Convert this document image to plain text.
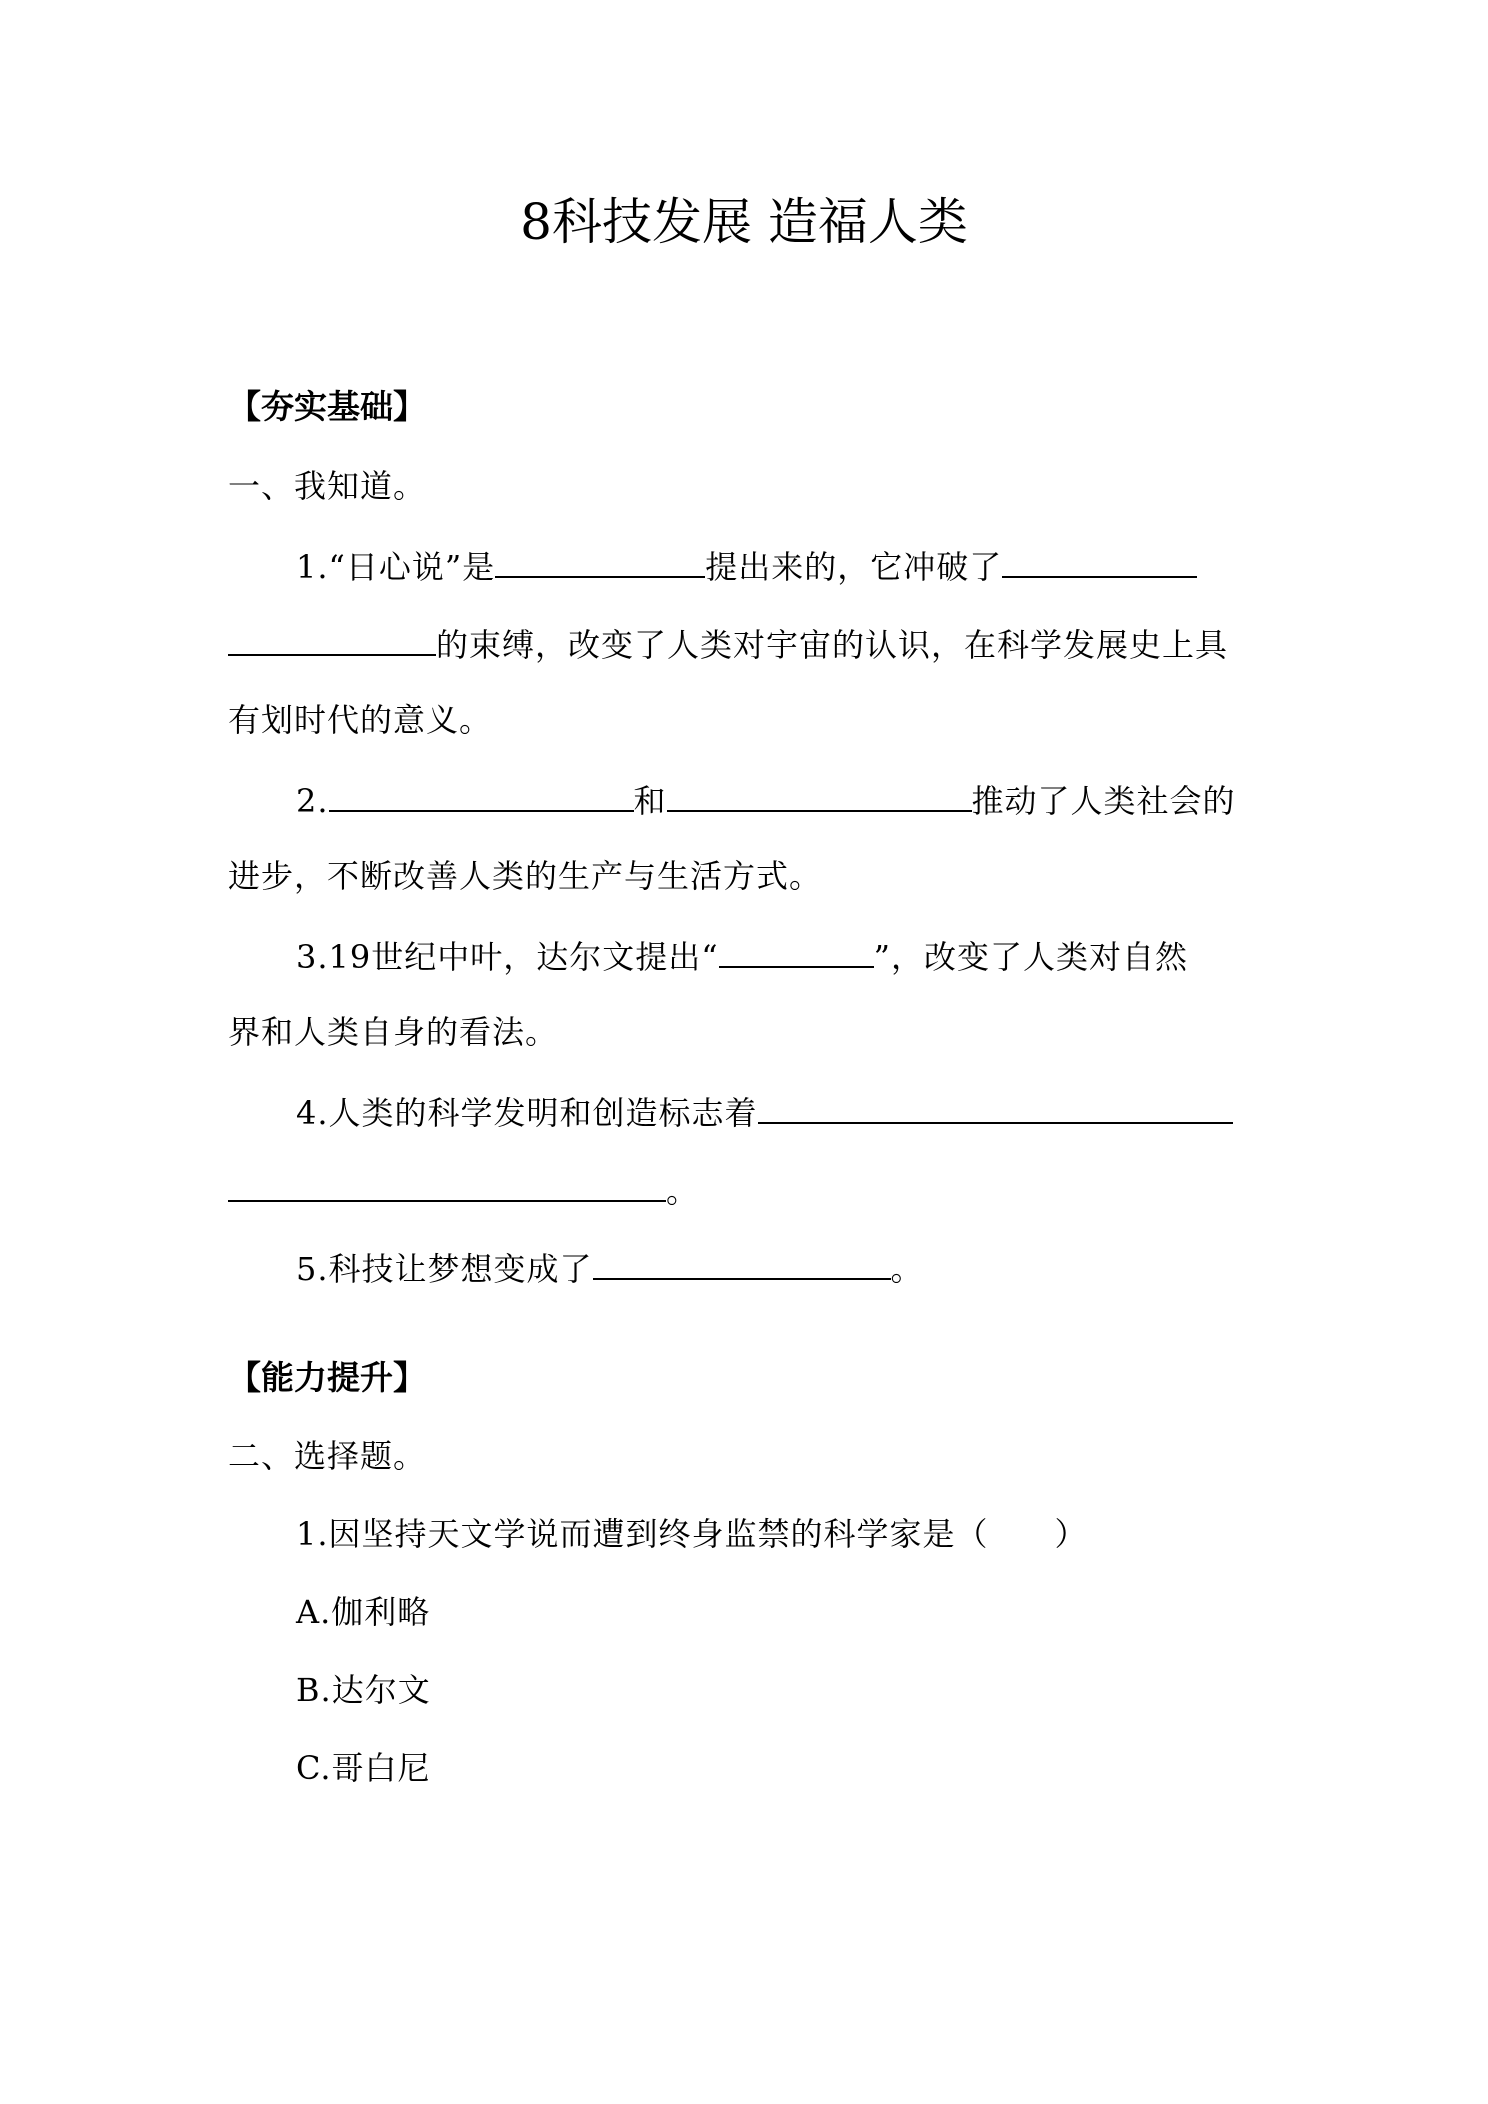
8科技发展 造福人类
【夯实基础】
一、我知道。
1.“日心说”是	提出来的，它冲破了
的束缚，改变了人类对宇宙的认识，在科学发展史上具
有划时代的意义。
2.	和	推动了人类社会的
进步，不断改善人类的生产与生活方式。
3.19世纪中叶，达尔文提出“	”，改变了人类对自然
界和人类自身的看法。
4.人类的科学发明和创造标志着
。
5.科技让梦想变成了	。
【能力提升】
二、选择题。
1.因坚持天文学说而遭到终身监禁的科学家是（　　）
A.伽利略
B.达尔文
C.哥白尼
